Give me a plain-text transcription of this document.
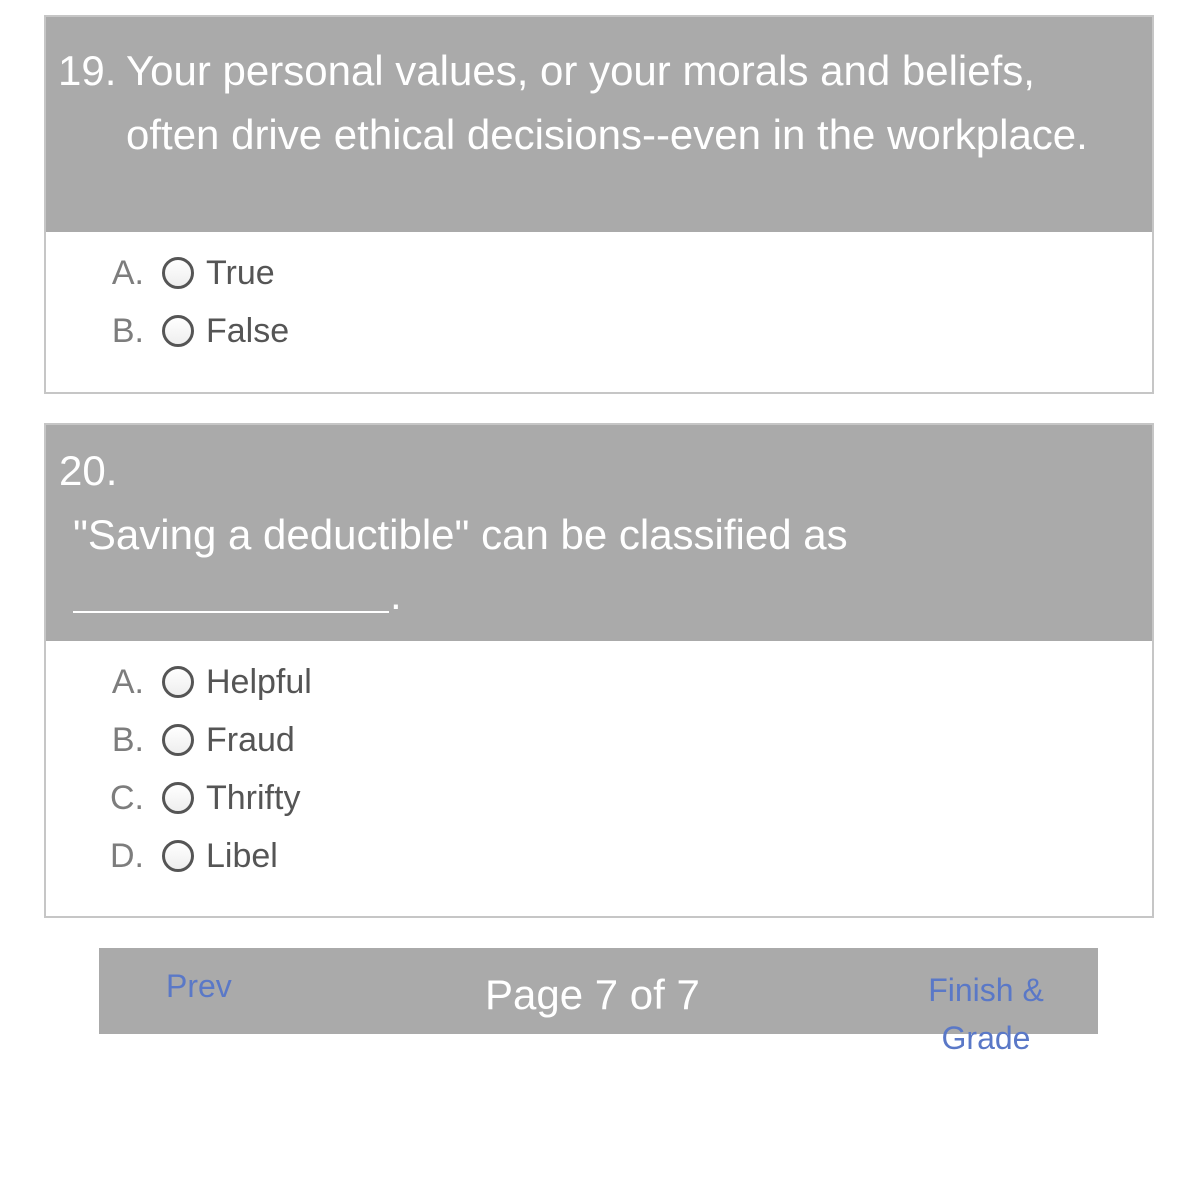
19. Your personal values, or your morals and beliefs, often drive ethical decisions--even in the workplace.
A. True
B. False
20.
"Saving a deductible" can be classified as
.
A. Helpful
B. Fraud
C. Thrifty
D. Libel
Prev	Page 7 of 7	Finish & Grade
